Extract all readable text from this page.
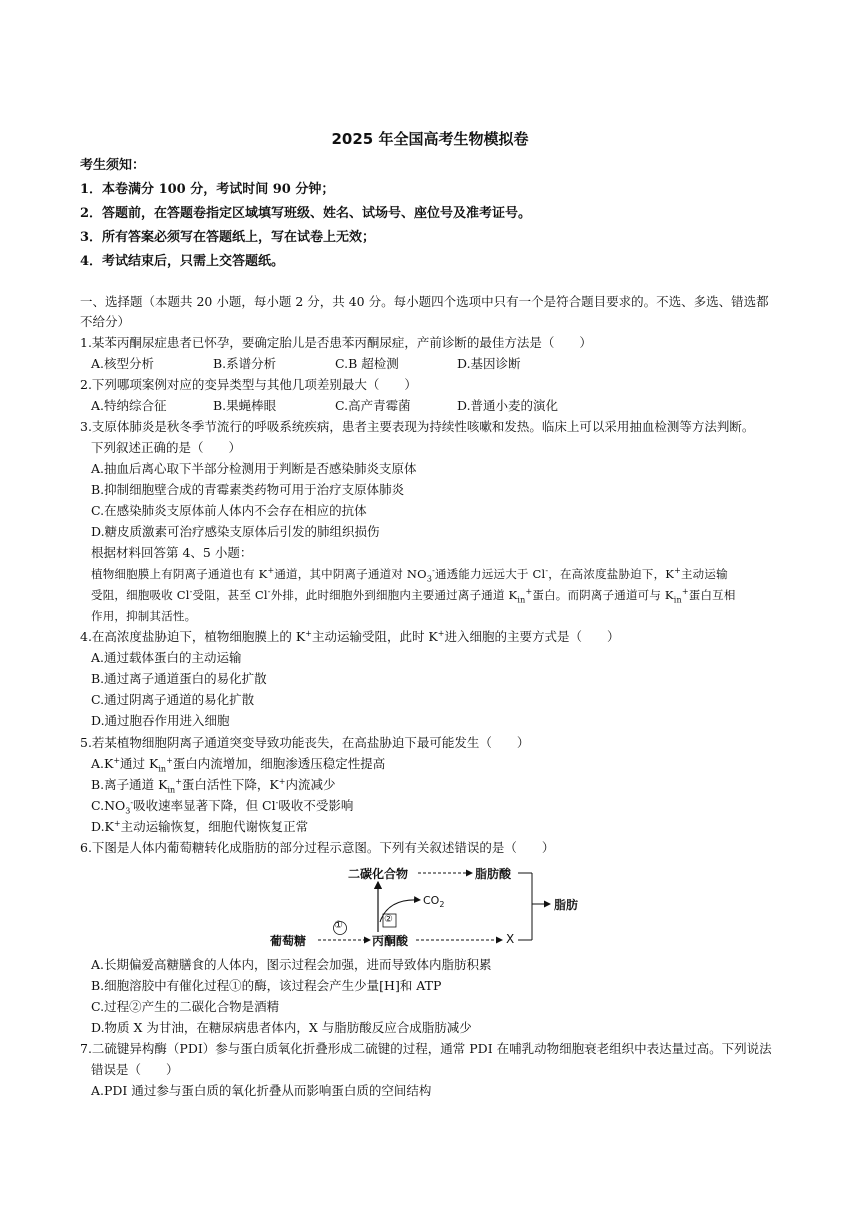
2025 年全国高考生物模拟卷
考生须知：
1．本卷满分 100 分，考试时间 90 分钟；
2．答题前，在答题卷指定区域填写班级、姓名、试场号、座位号及准考证号。
3．所有答案必须写在答题纸上，写在试卷上无效；
4．考试结束后，只需上交答题纸。
一、选择题（本题共 20 小题，每小题 2 分，共 40 分。每小题四个选项中只有一个是符合题目要求的。不选、多选、错选都
不给分）
1.某苯丙酮尿症患者已怀孕，要确定胎儿是否患苯丙酮尿症，产前诊断的最佳方法是（　　）
A.核型分析	B.系谱分析	C.B 超检测	D.基因诊断
2.下列哪项案例对应的变异类型与其他几项差别最大（　　）
A.特纳综合征	B.果蝇棒眼	C.高产青霉菌	D.普通小麦的演化
3.支原体肺炎是秋冬季节流行的呼吸系统疾病，患者主要表现为持续性咳嗽和发热。临床上可以采用抽血检测等方法判断。
下列叙述正确的是（　　）
A.抽血后离心取下半部分检测用于判断是否感染肺炎支原体
B.抑制细胞壁合成的青霉素类药物可用于治疗支原体肺炎
C.在感染肺炎支原体前人体内不会存在相应的抗体
D.糖皮质激素可治疗感染支原体后引发的肺组织损伤
根据材料回答第 4、5 小题：
植物细胞膜上有阴离子通道也有 K+通道，其中阴离子通道对 $NO_3^-$通透能力远远大于 Cl-，在高浓度盐胁迫下，K+主动运输
受阻，细胞吸收 Cl-受阻，甚至 Cl-外排，此时细胞外到细胞内主要通过离子通道 $K_{in}^+$蛋白。而阴离子通道可与 $K_{in}^+$蛋白互相
作用，抑制其活性。
4.在高浓度盐胁迫下，植物细胞膜上的 K+主动运输受阻，此时 K+进入细胞的主要方式是（　　）
A.通过载体蛋白的主动运输
B.通过离子通道蛋白的易化扩散
C.通过阴离子通道的易化扩散
D.通过胞吞作用进入细胞
5.若某植物细胞阴离子通道突变导致功能丧失，在高盐胁迫下最可能发生（　　）
A.K+通过 $K_{in}^+$蛋白内流增加，细胞渗透压稳定性提高
B.离子通道 $K_{in}^+$蛋白活性下降，K+内流减少
$C.NO_3^-$吸收速率显著下降，但 Cl-吸收不受影响
D.K+主动运输恢复，细胞代谢恢复正常
6.下图是人体内葡萄糖转化成脂肪的部分过程示意图。下列有关叙述错误的是（　　）
葡萄糖	丙酮酸
二碳化合物	脂肪酸
$CO_2$	脂肪
X
①
②
A.长期偏爱高糖膳食的人体内，图示过程会加强，进而导致体内脂肪积累
B.细胞溶胶中有催化过程①的酶，该过程会产生少量[H]和 ATP
C.过程②产生的二碳化合物是酒精
D.物质 X 为甘油，在糖尿病患者体内，X 与脂肪酸反应合成脂肪减少
7.二硫键异构酶（PDI）参与蛋白质氧化折叠形成二硫键的过程，通常 PDI 在哺乳动物细胞衰老组织中表达量过高。下列说法
错误是（　　）
A.PDI 通过参与蛋白质的氧化折叠从而影响蛋白质的空间结构
